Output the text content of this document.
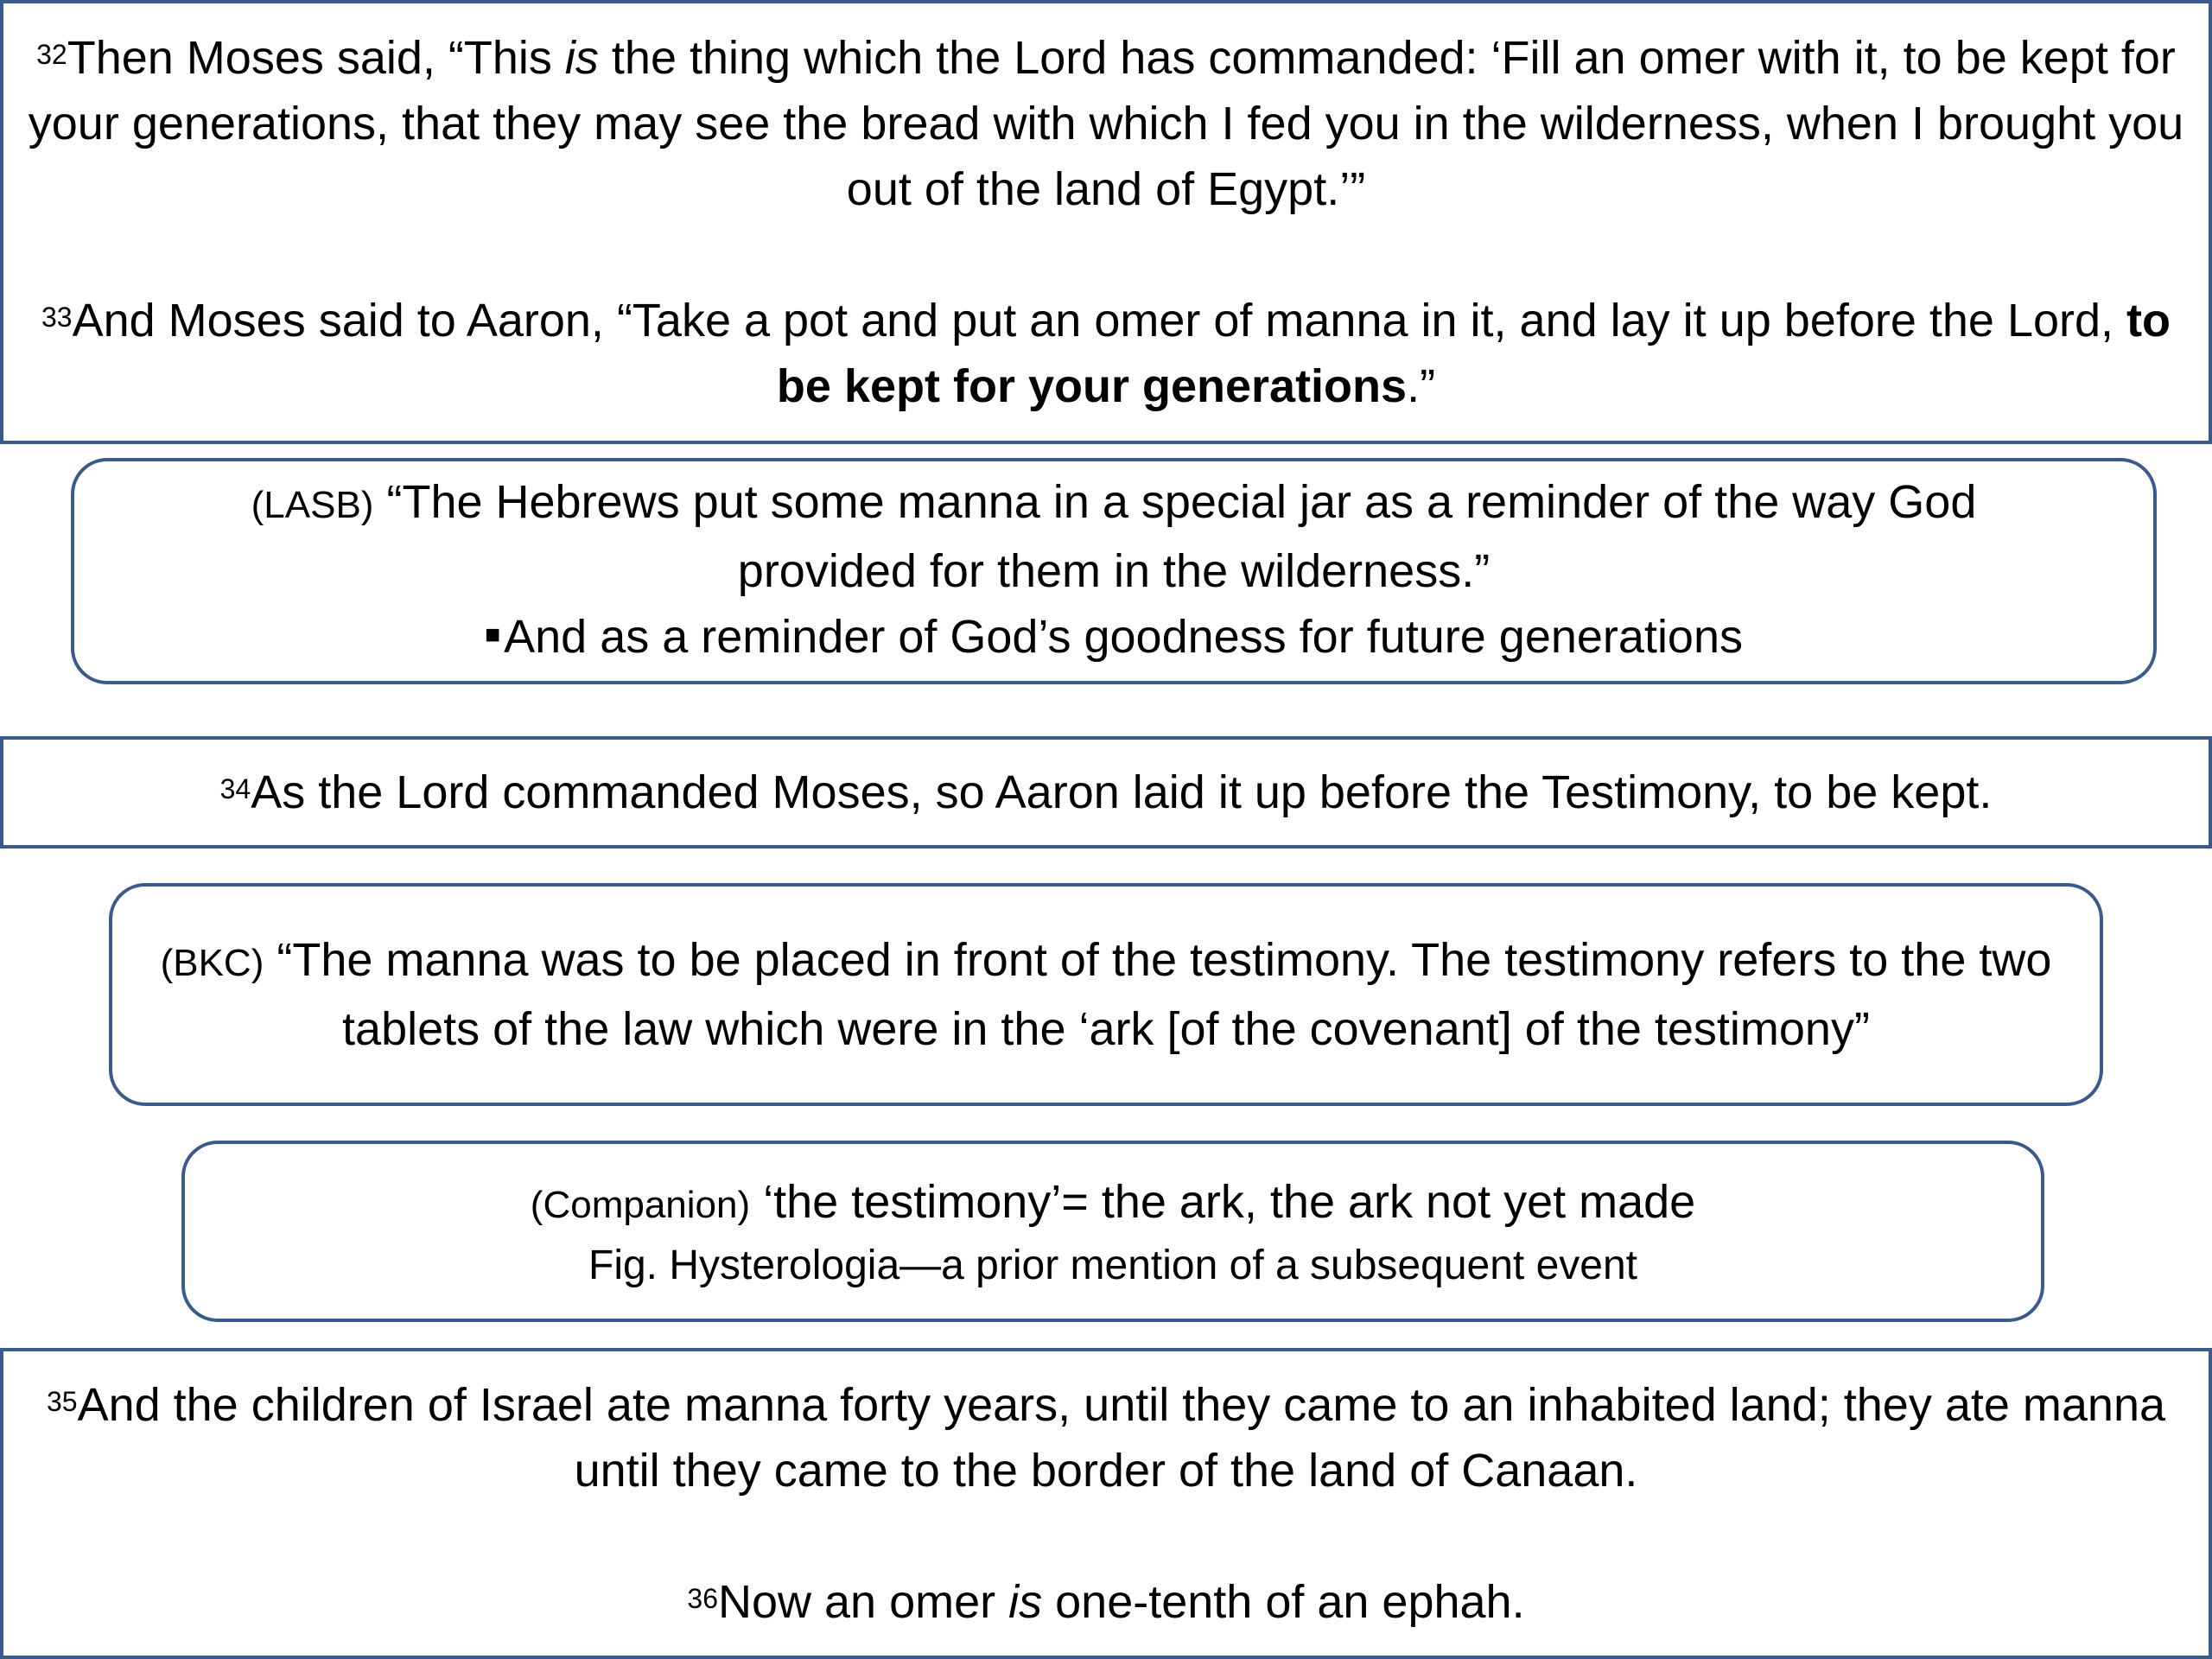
$^{32}$Then Moses said, “This is the thing which the Lord has commanded: ‘Fill an omer with it, to be kept for your generations, that they may see the bread with which I fed you in the wilderness, when I brought you out of the land of Egypt.’”

$^{33}$And Moses said to Aaron, “Take a pot and put an omer of manna in it, and lay it up before the Lord, to be kept for your generations.”

(LASB) “The Hebrews put some manna in a special jar as a reminder of the way God provided for them in the wilderness.”

■And as a reminder of God’s goodness for future generations

$^{34}$As the Lord commanded Moses, so Aaron laid it up before the Testimony, to be kept.

(BKC) “The manna was to be placed in front of the testimony. The testimony refers to the two tablets of the law which were in the ‘ark [of the covenant] of the testimony”

(Companion) ‘the testimony’= the ark, the ark not yet made

Fig. Hysterologia—a prior mention of a subsequent event

$^{35}$And the children of Israel ate manna forty years, until they came to an inhabited land; they ate manna until they came to the border of the land of Canaan.

$^{36}$Now an omer is one-tenth of an ephah.
